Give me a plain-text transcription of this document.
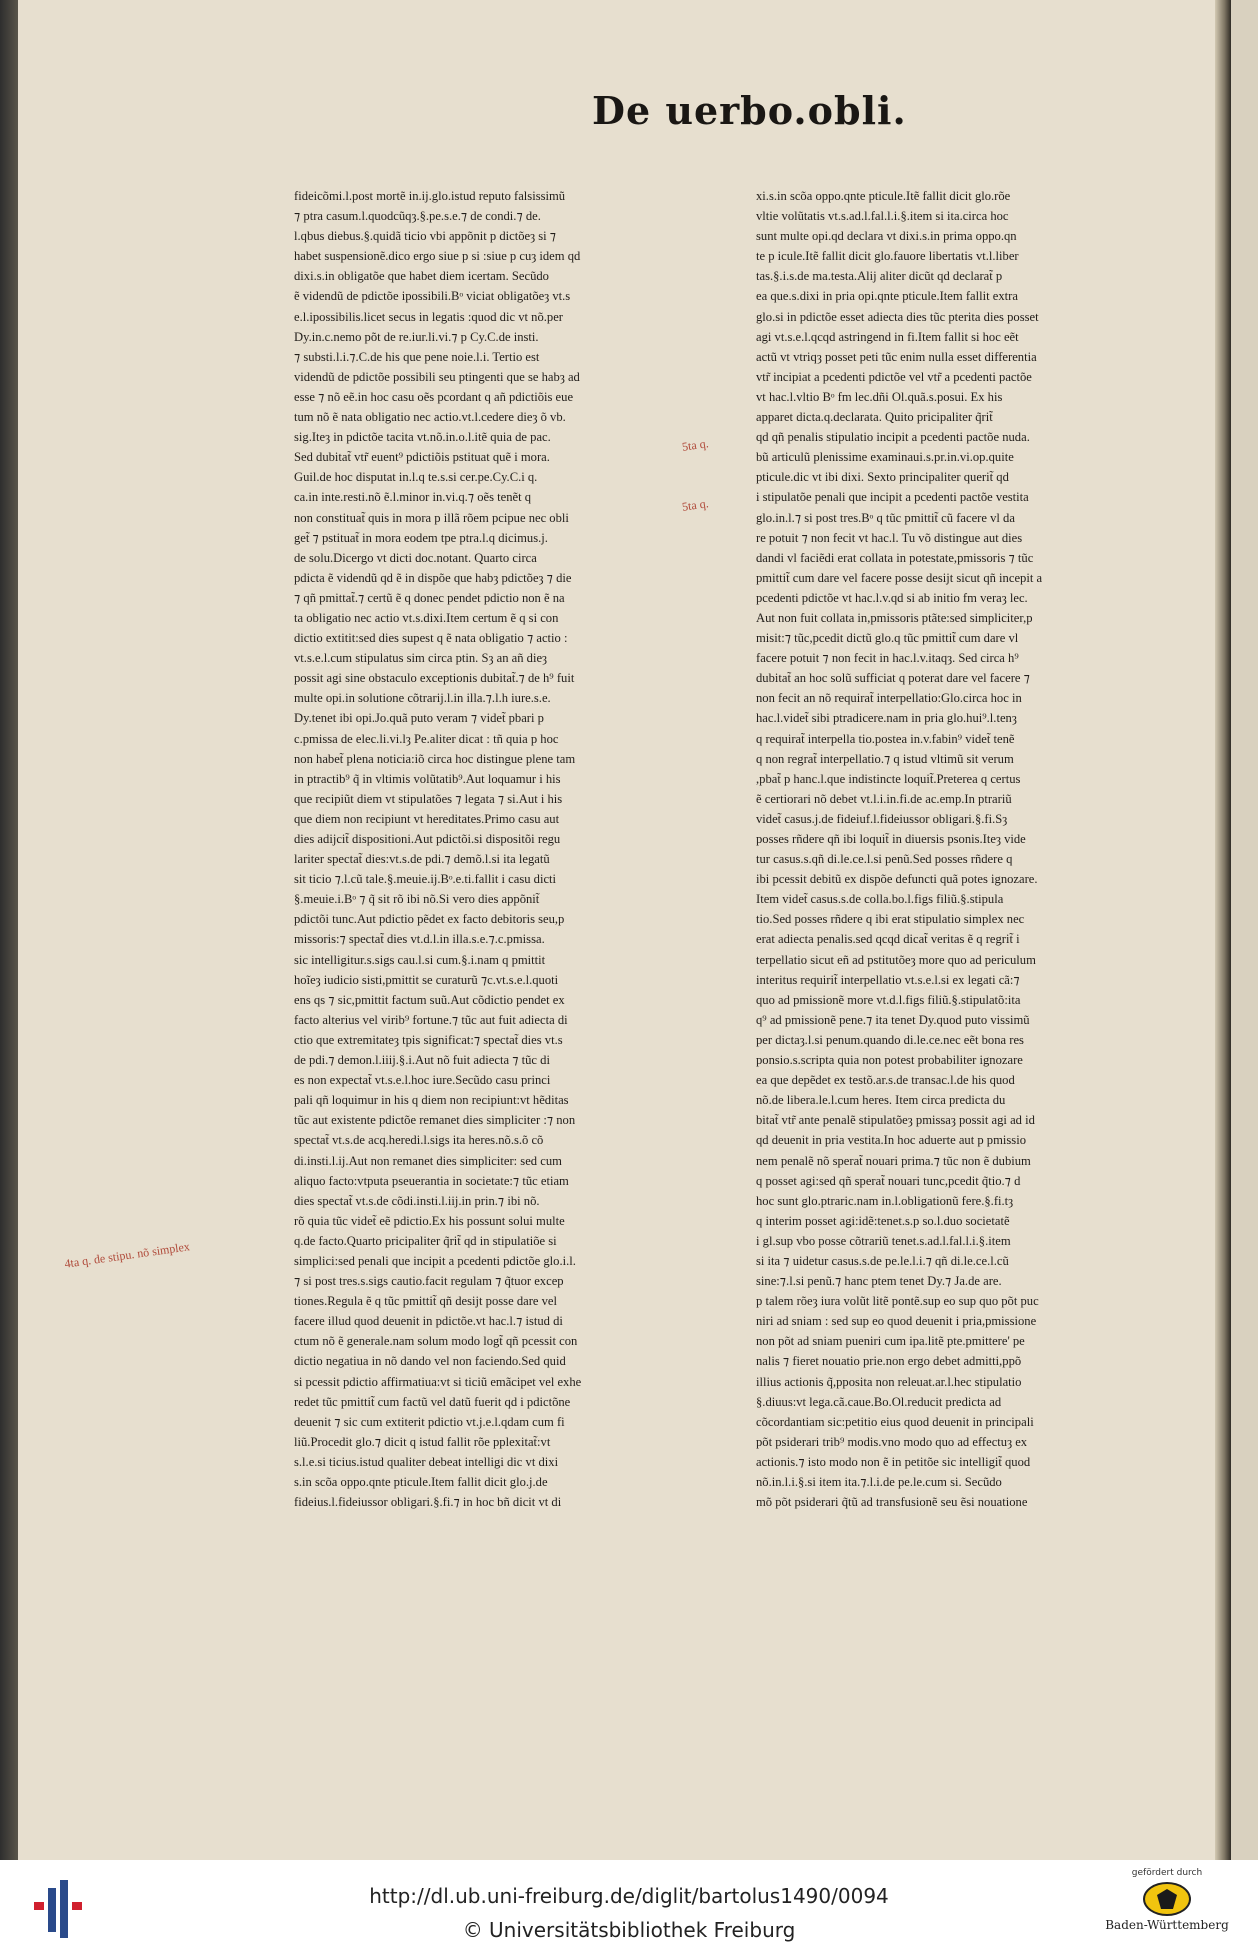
De uerbo.obli.
fideicõmi.l.post mortẽ in.ij.glo.istud reputo falsissimũ
⁊ ptra casum.l.quodcũqȝ.§.pe.s.e.⁊ de condi.⁊ de.
l.qbus diebus.§.quidã ticio vbi appõnit p dictõeȝ si ⁊
habet suspensionẽ.dico ergo siue p si :siue p cuȝ idem qd
dixi.s.in obligatõe que habet diem icertam. Secũdo
ẽ videndũ de pdictõe ipossibili.Bᵒ viciat obligatõeȝ vt.s
e.l.ipossibilis.licet secus in legatis :quod dic vt nõ.per
Dy.in.c.nemo põt de re.iur.li.vi.⁊ p Cy.C.de insti.
⁊ substi.l.i.⁊.C.de his que pene noie.l.i. Tertio est
videndũ de pdictõe possibili seu ptingenti que se habȝ ad
esse ⁊ nõ eẽ.in hoc casu oẽs pcordant q añ pdictiõis eue
tum nõ ẽ nata obligatio nec actio.vt.l.cedere dieȝ õ vb.
sig.Iteȝ in pdictõe tacita vt.nõ.in.o.l.itẽ quia de pac.
Sed dubitat̃ vtr̃ euent⁹ pdictiõis pstituat quẽ i mora.
Guil.de hoc disputat in.l.q te.s.si cer.pe.Cy.C.i q.
ca.in inte.resti.nõ ẽ.l.minor in.vi.q.⁊ oẽs tenẽt q
non constituat̃ quis in mora p illã rõem pcipue nec obli
get̃ ⁊ pstituat̃ in mora eodem tpe ptra.l.q dicimus.j.
de solu.Dicergo vt dicti doc.notant. Quarto circa
pdicta ẽ videndũ qd ẽ in dispõe que habȝ pdictõeȝ ⁊ die
⁊ qñ pmittat̃.⁊ certũ ẽ q donec pendet pdictio non ẽ na
ta obligatio nec actio vt.s.dixi.Item certum ẽ q si con
dictio extitit:sed dies supest q ẽ nata obligatio ⁊ actio :
vt.s.e.l.cum stipulatus sim circa ptin. Sȝ an añ dieȝ
possit agi sine obstaculo exceptionis dubitat̃.⁊ de h⁹ fuit
multe opi.in solutione cõtrarij.l.in illa.⁊.l.h iure.s.e.
Dy.tenet ibi opi.Jo.quã puto veram ⁊ videt̃ pbari p
c.pmissa de elec.li.vi.lȝ Pe.aliter dicat : tñ quia p hoc
non habet̃ plena noticia:iõ circa hoc distingue plene tam
in ptractib⁹ q̃ in vltimis volũtatib⁹.Aut loquamur i his
que recipiũt diem vt stipulatões ⁊ legata ⁊ si.Aut i his
que diem non recipiunt vt hereditates.Primo casu aut
dies adijcit̃ dispositioni.Aut pdictõi.si dispositõi regu
lariter spectat̃ dies:vt.s.de pdi.⁊ demõ.l.si ita legatũ
sit ticio ⁊.l.cũ tale.§.meuie.ij.Bᵒ.e.ti.fallit i casu dicti
§.meuie.i.Bᵒ ⁊ q̃ sit rõ ibi nõ.Si vero dies appõnit̃
pdictõi tunc.Aut pdictio pẽdet ex facto debitoris seu,p
missoris:⁊ spectat̃ dies vt.d.l.in illa.s.e.⁊.c.pmissa.
sic intelligitur.s.sigs cau.l.si cum.§.i.nam q pmittit
hoĩeȝ iudicio sisti,pmittit se curaturũ ⁊c.vt.s.e.l.quoti
ens qs ⁊ sic,pmittit factum suũ.Aut cõdictio pendet ex
facto alterius vel virib⁹ fortune.⁊ tũc aut fuit adiecta di
ctio que extremitateȝ tpis significat:⁊ spectat̃ dies vt.s
de pdi.⁊ demon.l.iiij.§.i.Aut nõ fuit adiecta ⁊ tũc di
es non expectat̃ vt.s.e.l.hoc iure.Secũdo casu princi
pali qñ loquimur in his q diem non recipiunt:vt hẽditas
tũc aut existente pdictõe remanet dies simpliciter :⁊ non
spectat̃ vt.s.de acq.heredi.l.sigs ita heres.nõ.s.õ cõ
di.insti.l.ij.Aut non remanet dies simpliciter: sed cum
aliquo facto:vtputa pseuerantia in societate:⁊ tũc etiam
dies spectat̃ vt.s.de cõdi.insti.l.iij.in prin.⁊ ibi nõ.
rõ quia tũc videt̃ eẽ pdictio.Ex his possunt solui multe
q.de facto.Quarto pricipaliter q̃rit̃ qd in stipulatiõe si
simplici:sed penali que incipit a pcedenti pdictõe glo.i.l.
⁊ si post tres.s.sigs cautio.facit regulam ⁊ q̃tuor excep
tiones.Regula ẽ q tũc pmittit̃ qñ desijt posse dare vel
facere illud quod deuenit in pdictõe.vt hac.l.⁊ istud di
ctum nõ ẽ generale.nam solum modo logt̃ qñ pcessit con
dictio negatiua in nõ dando vel non faciendo.Sed quid
si pcessit pdictio affirmatiua:vt si ticiũ emãcipet vel exhe
redet tũc pmittit̃ cum factũ vel datũ fuerit qd i pdictõne
deuenit ⁊ sic cum extiterit pdictio vt.j.e.l.qdam cum fi
liũ.Procedit glo.⁊ dicit q istud fallit rõe pplexitat̃:vt
s.l.e.si ticius.istud qualiter debeat intelligi dic vt dixi
s.in scõa oppo.qnte pticule.Item fallit dicit glo.j.de
fideius.l.fideiussor obligari.§.fi.⁊ in hoc bñ dicit vt di
xi.s.in scõa oppo.qnte pticule.Itẽ fallit dicit glo.rõe
vltie volũtatis vt.s.ad.l.fal.l.i.§.item si ita.circa hoc
sunt multe opi.qd declara vt dixi.s.in prima oppo.qn
te p icule.Itẽ fallit dicit glo.fauore libertatis vt.l.liber
tas.§.i.s.de ma.testa.Alij aliter dicũt qd declarat̃ p
ea que.s.dixi in pria opi.qnte pticule.Item fallit extra
glo.si in pdictõe esset adiecta dies tũc pterita dies posset
agi vt.s.e.l.qcqd astringend in fi.Item fallit si hoc eẽt
actũ vt vtriqȝ posset peti tũc enim nulla esset differentia
vtr̃ incipiat a pcedenti pdictõe vel vtr̃ a pcedenti pactõe
vt hac.l.vltio Bᵒ fm lec.dñi Ol.quã.s.posui. Ex his
apparet dicta.q.declarata. Quito pricipaliter q̃rit̃
qd qñ penalis stipulatio incipit a pcedenti pactõe nuda.
bũ articulũ plenissime examinaui.s.pr.in.vi.op.quite
pticule.dic vt ibi dixi. Sexto principaliter querit̃ qd
i stipulatõe penali que incipit a pcedenti pactõe vestita
glo.in.l.⁊ si post tres.Bᵒ q tũc pmittit̃ cũ facere vl da
re potuit ⁊ non fecit vt hac.l. Tu võ distingue aut dies
dandi vl faciẽdi erat collata in potestate,pmissoris ⁊ tũc
pmittit̃ cum dare vel facere posse desijt sicut qñ incepit a
pcedenti pdictõe vt hac.l.v.qd si ab initio fm veraȝ lec.
Aut non fuit collata in,pmissoris ptãte:sed simpliciter,p
misit:⁊ tũc,pcedit dictũ glo.q tũc pmittit̃ cum dare vl
facere potuit ⁊ non fecit in hac.l.v.itaqȝ. Sed circa h⁹
dubitat̃ an hoc solũ sufficiat q poterat dare vel facere ⁊
non fecit an nõ requirat̃ interpellatio:Glo.circa hoc in
hac.l.videt̃ sibi ptradicere.nam in pria glo.hui⁹.l.tenȝ
q requirat̃ interpella tio.postea in.v.fabin⁹ videt̃ tenẽ
q non regrat̃ interpellatio.⁊ q istud vltimũ sit verum
,pbat̃ p hanc.l.que indistincte loquit̃.Preterea q certus
ẽ certiorari nõ debet vt.l.i.in.fi.de ac.emp.In ptrariũ
videt̃ casus.j.de fideiuf.l.fideiussor obligari.§.fi.Sȝ
posses rñdere qñ ibi loquit̃ in diuersis psonis.Iteȝ vide
tur casus.s.qñ di.le.ce.l.si penũ.Sed posses rñdere q
ibi pcessit debitũ ex dispõe defuncti quã potes ignozare.
Item videt̃ casus.s.de colla.bo.l.figs filiũ.§.stipula
tio.Sed posses rñdere q ibi erat stipulatio simplex nec
erat adiecta penalis.sed qcqd dicat̃ veritas ẽ q regrit̃ i
terpellatio sicut eñ ad pstitutõeȝ more quo ad periculum
interitus requirit̃ interpellatio vt.s.e.l.si ex legati cã:⁊
quo ad pmissionẽ more vt.d.l.figs filiũ.§.stipulatõ:ita
q⁹ ad pmissionẽ pene.⁊ ita tenet Dy.quod puto vissimũ
per dictaȝ.l.si penum.quando di.le.ce.nec eẽt bona res
ponsio.s.scripta quia non potest probabiliter ignozare
ea que depẽdet ex testõ.ar.s.de transac.l.de his quod
nõ.de libera.le.l.cum heres. Item circa predicta du
bitat̃ vtr̃ ante penalẽ stipulatõeȝ pmissaȝ possit agi ad id
qd deuenit in pria vestita.In hoc aduerte aut p pmissio
nem penalẽ nõ sperat̃ nouari prima.⁊ tũc non ẽ dubium
q posset agi:sed qñ sperat̃ nouari tunc,pcedit q̃tio.⁊ d
hoc sunt glo.ptraric.nam in.l.obligationũ fere.§.fi.tȝ
q interim posset agi:idẽ:tenet.s.p so.l.duo societatẽ
i gl.sup vbo posse cõtrariũ tenet.s.ad.l.fal.l.i.§.item
si ita ⁊ uidetur casus.s.de pe.le.l.i.⁊ qñ di.le.ce.l.cũ
sine:⁊.l.si penũ.⁊ hanc ptem tenet Dy.⁊ Ja.de are.
p talem rõeȝ iura volũt litẽ pontẽ.sup eo sup quo põt puc
niri ad sniam : sed sup eo quod deuenit i pria,pmissione
non põt ad sniam pueniri cum ipa.litẽ pte.pmittere' pe
nalis ⁊ fieret nouatio prie.non ergo debet admitti,ppõ
illius actionis q̃,pposita non releuat.ar.l.hec stipulatio
§.diuus:vt lega.cã.caue.Bo.Ol.reducit predicta ad
cõcordantiam sic:petitio eius quod deuenit in principali
põt psiderari trib⁹ modis.vno modo quo ad effectuȝ ex
actionis.⁊ isto modo non ẽ in petitõe sic intelligit̃ quod
nõ.in.l.i.§.si item ita.⁊.l.i.de pe.le.cum si. Secũdo
mõ põt psiderari q̃tũ ad transfusionẽ seu ẽsi nouatione
5ta q.
5ta q.
4ta q. de stipu. nõ simplex
http://dl.ub.uni-freiburg.de/diglit/bartolus1490/0094
© Universitätsbibliothek Freiburg
gefördert durch
Baden-Württemberg
